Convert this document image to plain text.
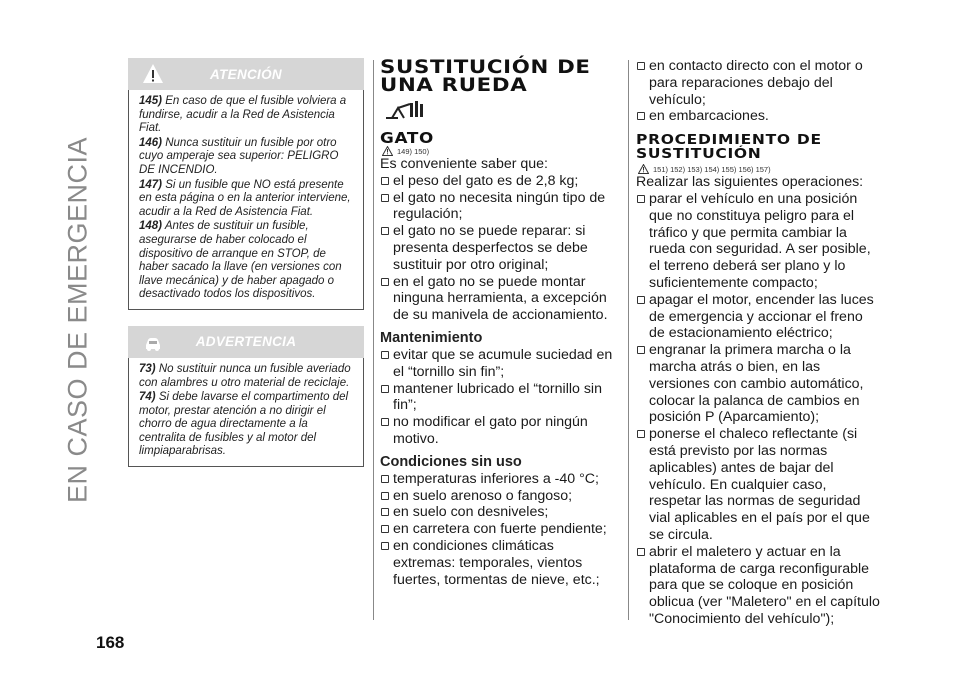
EN CASO DE EMERGENCIA
168
ATENCIÓN

145) En caso de que el fusible volviera a fundirse, acudir a la Red de Asistencia Fiat.

146) Nunca sustituir un fusible por otro cuyo amperaje sea superior: PELIGRO DE INCENDIO.

147) Si un fusible que NO está presente en esta página o en la anterior interviene, acudir a la Red de Asistencia Fiat.

148) Antes de sustituir un fusible, asegurarse de haber colocado el dispositivo de arranque en STOP, de haber sacado la llave (en versiones con llave mecánica) y de haber apagado o desactivado todos los dispositivos.

ADVERTENCIA

73) No sustituir nunca un fusible averiado con alambres u otro material de reciclaje.

74) Si debe lavarse el compartimento del motor, prestar atención a no dirigir el chorro de agua directamente a la centralita de fusibles y al motor del limpiaparabrisas.

SUSTITUCIÓN DE
UNA RUEDA
GATO
149) 150)

Es conveniente saber que:

el peso del gato es de 2,8 kg;

el gato no necesita ningún tipo de regulación;

el gato no se puede reparar: si presenta desperfectos se debe sustituir por otro original;

en el gato no se puede montar ninguna herramienta, a excepción de su manivela de accionamiento.

Mantenimiento

evitar que se acumule suciedad en el “tornillo sin fin”;

mantener lubricado el “tornillo sin fin”;

no modificar el gato por ningún motivo.

Condiciones sin uso

temperaturas inferiores a -40 °C;

en suelo arenoso o fangoso;

en suelo con desniveles;

en carretera con fuerte pendiente;

en condiciones climáticas extremas: temporales, vientos fuertes, tormentas de nieve, etc.;

en contacto directo con el motor o para reparaciones debajo del vehículo;

en embarcaciones.

PROCEDIMIENTO DE
SUSTITUCIÓN
151) 152) 153) 154) 155) 156) 157)

Realizar las siguientes operaciones:

parar el vehículo en una posición que no constituya peligro para el tráfico y que permita cambiar la rueda con seguridad. A ser posible, el terreno deberá ser plano y lo suficientemente compacto;

apagar el motor, encender las luces de emergencia y accionar el freno de estacionamiento eléctrico;

engranar la primera marcha o la marcha atrás o bien, en las versiones con cambio automático, colocar la palanca de cambios en posición P (Aparcamiento);

ponerse el chaleco reflectante (si está previsto por las normas aplicables) antes de bajar del vehículo. En cualquier caso, respetar las normas de seguridad vial aplicables en el país por el que se circula.

abrir el maletero y actuar en la plataforma de carga reconfigurable para que se coloque en posición oblicua (ver "Maletero" en el capítulo "Conocimiento del vehículo");
